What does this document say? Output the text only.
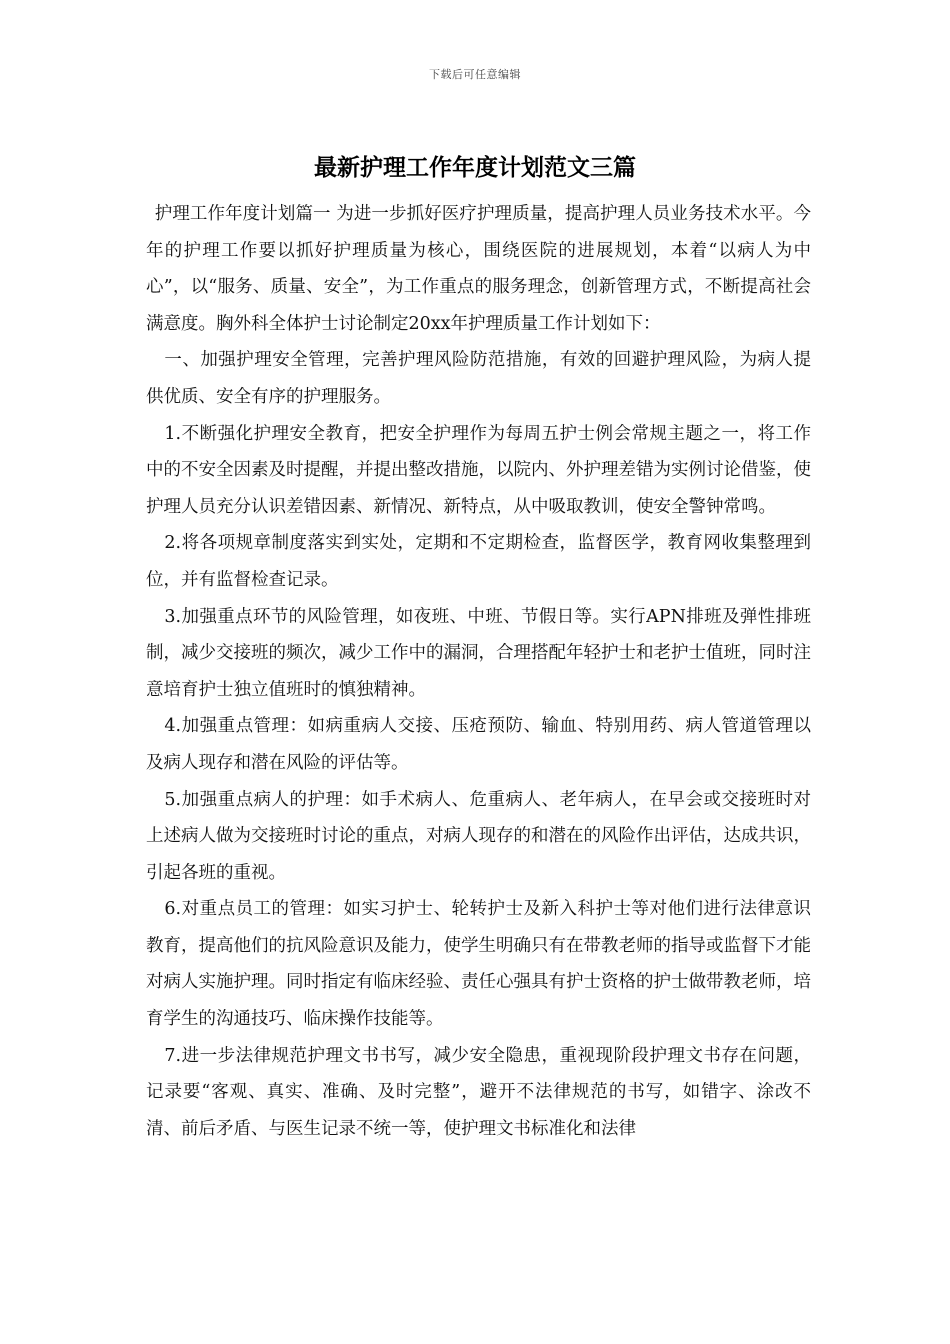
下载后可任意编辑
最新护理工作年度计划范文三篇

护理工作年度计划篇一 为进一步抓好医疗护理质量，提高护理人员业务技术水平。今年的护理工作要以抓好护理质量为核心，围绕医院的进展规划，本着“以病人为中心”，以“服务、质量、安全”，为工作重点的服务理念，创新管理方式，不断提高社会满意度。胸外科全体护士讨论制定20xx年护理质量工作计划如下：

一、加强护理安全管理，完善护理风险防范措施，有效的回避护理风险，为病人提供优质、安全有序的护理服务。

1.不断强化护理安全教育，把安全护理作为每周五护士例会常规主题之一，将工作中的不安全因素及时提醒，并提出整改措施，以院内、外护理差错为实例讨论借鉴，使护理人员充分认识差错因素、新情况、新特点，从中吸取教训，使安全警钟常鸣。

2.将各项规章制度落实到实处，定期和不定期检查，监督医学，教育网收集整理到位，并有监督检查记录。

3.加强重点环节的风险管理，如夜班、中班、节假日等。实行APN排班及弹性排班制，减少交接班的频次，减少工作中的漏洞，合理搭配年轻护士和老护士值班，同时注意培育护士独立值班时的慎独精神。

4.加强重点管理：如病重病人交接、压疮预防、输血、特别用药、病人管道管理以及病人现存和潜在风险的评估等。

5.加强重点病人的护理：如手术病人、危重病人、老年病人，在早会或交接班时对上述病人做为交接班时讨论的重点，对病人现存的和潜在的风险作出评估，达成共识，引起各班的重视。

6.对重点员工的管理：如实习护士、轮转护士及新入科护士等对他们进行法律意识教育，提高他们的抗风险意识及能力，使学生明确只有在带教老师的指导或监督下才能对病人实施护理。同时指定有临床经验、责任心强具有护士资格的护士做带教老师，培育学生的沟通技巧、临床操作技能等。

7.进一步法律规范护理文书书写，减少安全隐患，重视现阶段护理文书存在问题，记录要“客观、真实、准确、及时完整”，避开不法律规范的书写，如错字、涂改不清、前后矛盾、与医生记录不统一等，使护理文书标准化和法律
